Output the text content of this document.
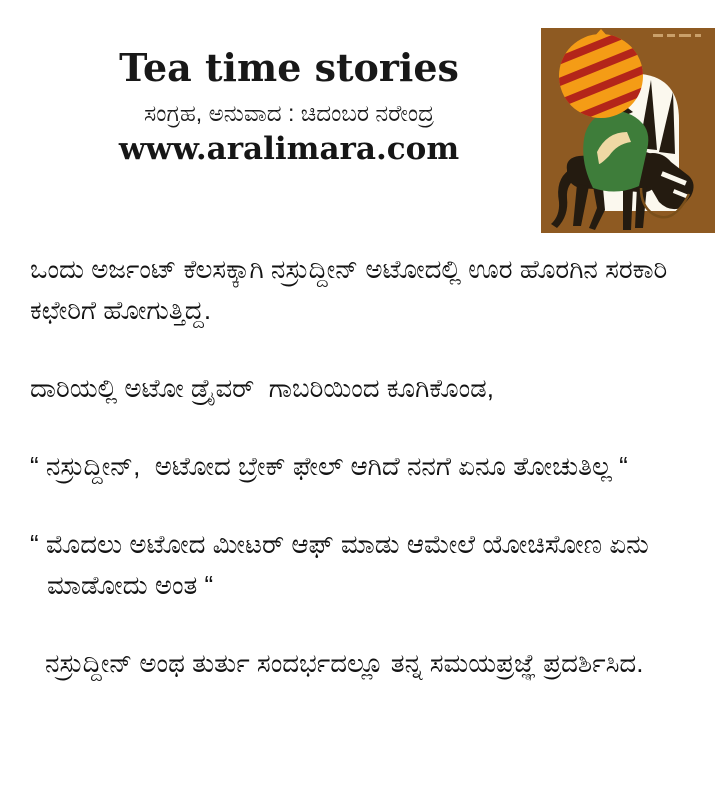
Tea time stories
ಸಂಗ್ರಹ, ಅನುವಾದ : ಚಿದಂಬರ ನರೇಂದ್ರ
www.aralimara.com

ಒಂದು ಅರ್ಜಂಟ್ ಕೆಲಸಕ್ಕಾಗಿ ನಸ್ರುದ್ದೀನ್ ಅಟೋದಲ್ಲಿ ಊರ ಹೊರಗಿನ ಸರಕಾರಿ ಕಛೇರಿಗೆ ಹೋಗುತ್ತಿದ್ದ.

ದಾರಿಯಲ್ಲಿ ಅಟೋ ಡ್ರೈವರ್  ಗಾಬರಿಯಿಂದ ಕೂಗಿಕೊಂಡ,

“ ನಸ್ರುದ್ದೀನ್,  ಅಟೋದ ಬ್ರೇಕ್ ಫೇಲ್ ಆಗಿದೆ ನನಗೆ ಏನೂ ತೋಚುತಿಲ್ಲ “

“ ಮೊದಲು ಅಟೋದ ಮೀಟರ್ ಆಫ್ ಮಾಡು ಆಮೇಲೆ ಯೋಚಿಸೋಣ ಏನು ಮಾಡೋದು ಅಂತ “

ನಸ್ರುದ್ದೀನ್ ಅಂಥ ತುರ್ತು ಸಂದರ್ಭದಲ್ಲೂ ತನ್ನ ಸಮಯಪ್ರಜ್ಞೆ ಪ್ರದರ್ಶಿಸಿದ.
